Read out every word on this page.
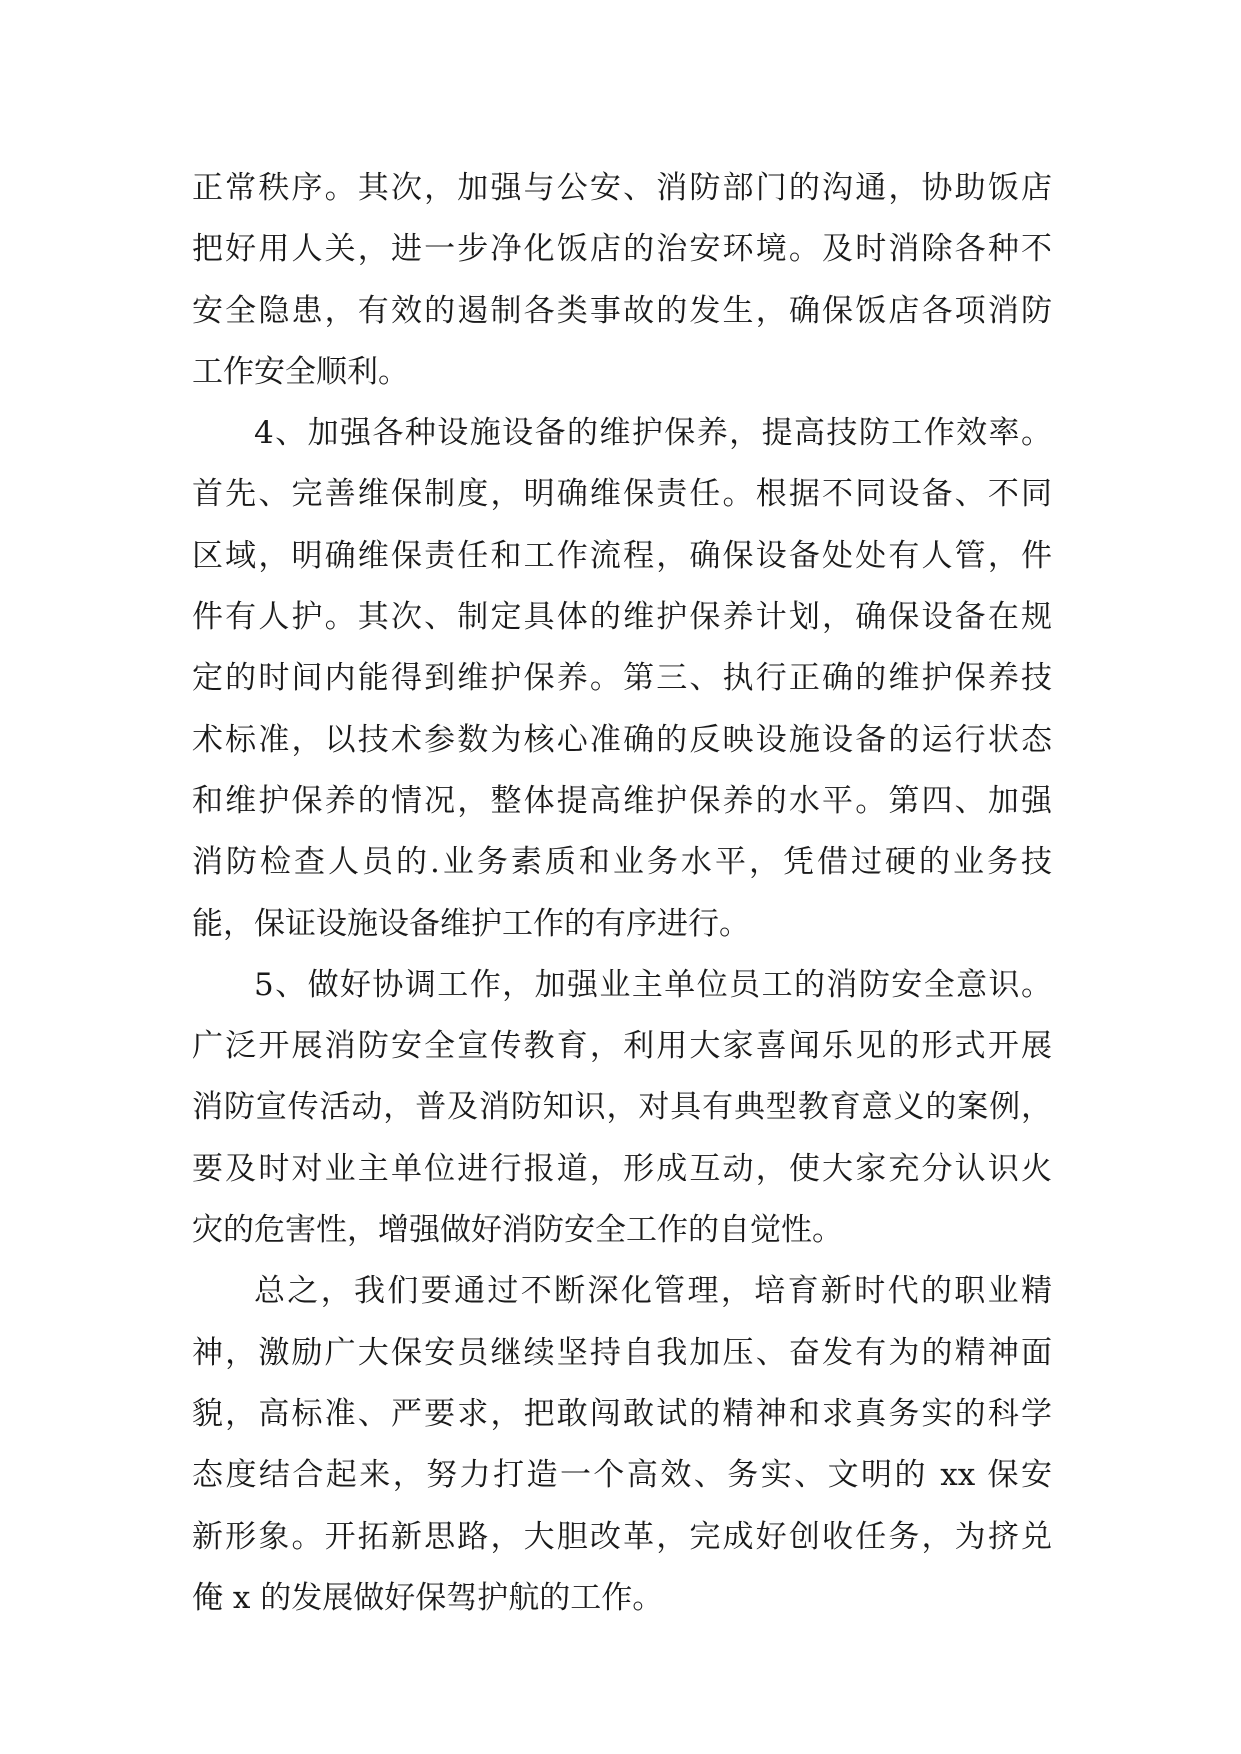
正常秩序。其次，加强与公安、消防部门的沟通，协助饭店
把好用人关，进一步净化饭店的治安环境。及时消除各种不
安全隐患，有效的遏制各类事故的发生，确保饭店各项消防
工作安全顺利。
4、加强各种设施设备的维护保养，提高技防工作效率。
首先、完善维保制度，明确维保责任。根据不同设备、不同
区域，明确维保责任和工作流程，确保设备处处有人管，件
件有人护。其次、制定具体的维护保养计划，确保设备在规
定的时间内能得到维护保养。第三、执行正确的维护保养技
术标准，以技术参数为核心准确的反映设施设备的运行状态
和维护保养的情况，整体提高维护保养的水平。第四、加强
消防检查人员的.业务素质和业务水平，凭借过硬的业务技
能，保证设施设备维护工作的有序进行。
5、做好协调工作，加强业主单位员工的消防安全意识。
广泛开展消防安全宣传教育，利用大家喜闻乐见的形式开展
消防宣传活动，普及消防知识，对具有典型教育意义的案例，
要及时对业主单位进行报道，形成互动，使大家充分认识火
灾的危害性，增强做好消防安全工作的自觉性。
总之，我们要通过不断深化管理，培育新时代的职业精
神，激励广大保安员继续坚持自我加压、奋发有为的精神面
貌，高标准、严要求，把敢闯敢试的精神和求真务实的科学
态度结合起来，努力打造一个高效、务实、文明的 xx 保安
新形象。开拓新思路，大胆改革，完成好创收任务，为挤兑
俺 x 的发展做好保驾护航的工作。
